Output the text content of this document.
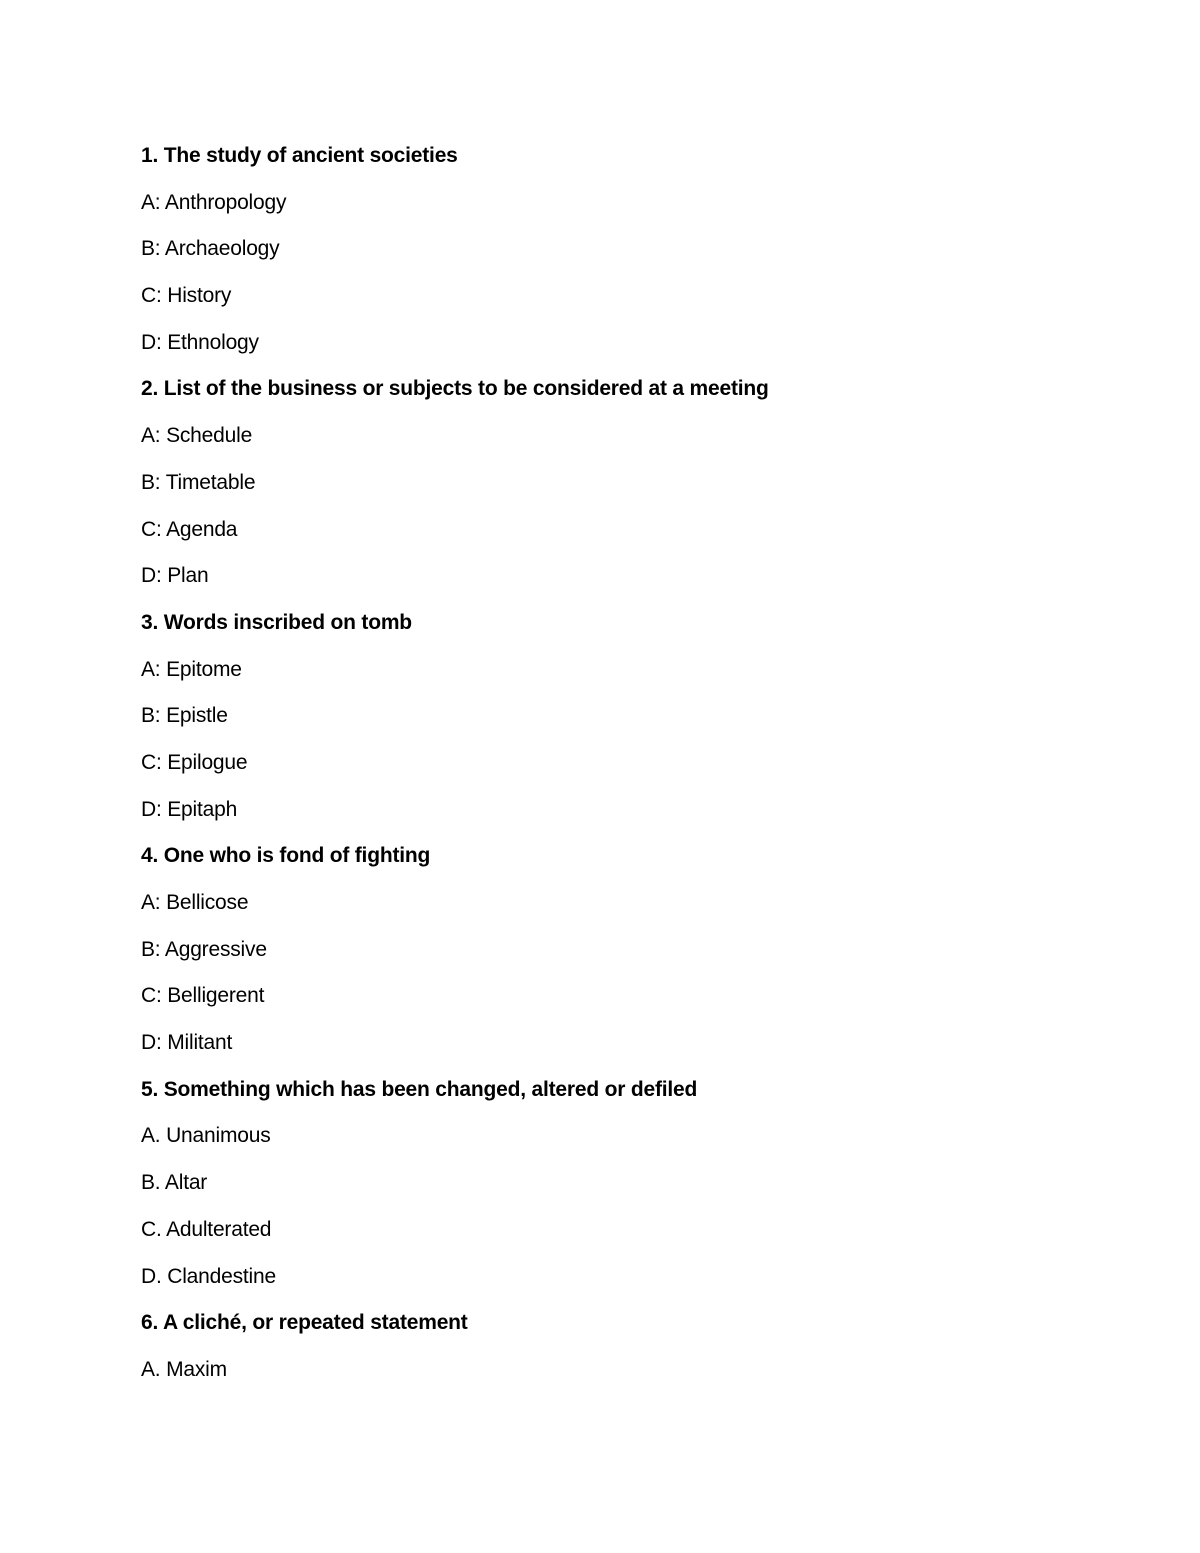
1. The study of ancient societies
A: Anthropology
B: Archaeology
C: History
D: Ethnology
2. List of the business or subjects to be considered at a meeting
A: Schedule
B: Timetable
C: Agenda
D: Plan
3. Words inscribed on tomb
A: Epitome
B: Epistle
C: Epilogue
D: Epitaph
4. One who is fond of fighting
A: Bellicose
B: Aggressive
C: Belligerent
D: Militant
5. Something which has been changed, altered or defiled
A. Unanimous
B. Altar
C. Adulterated
D. Clandestine
6. A cliché, or repeated statement
A. Maxim
